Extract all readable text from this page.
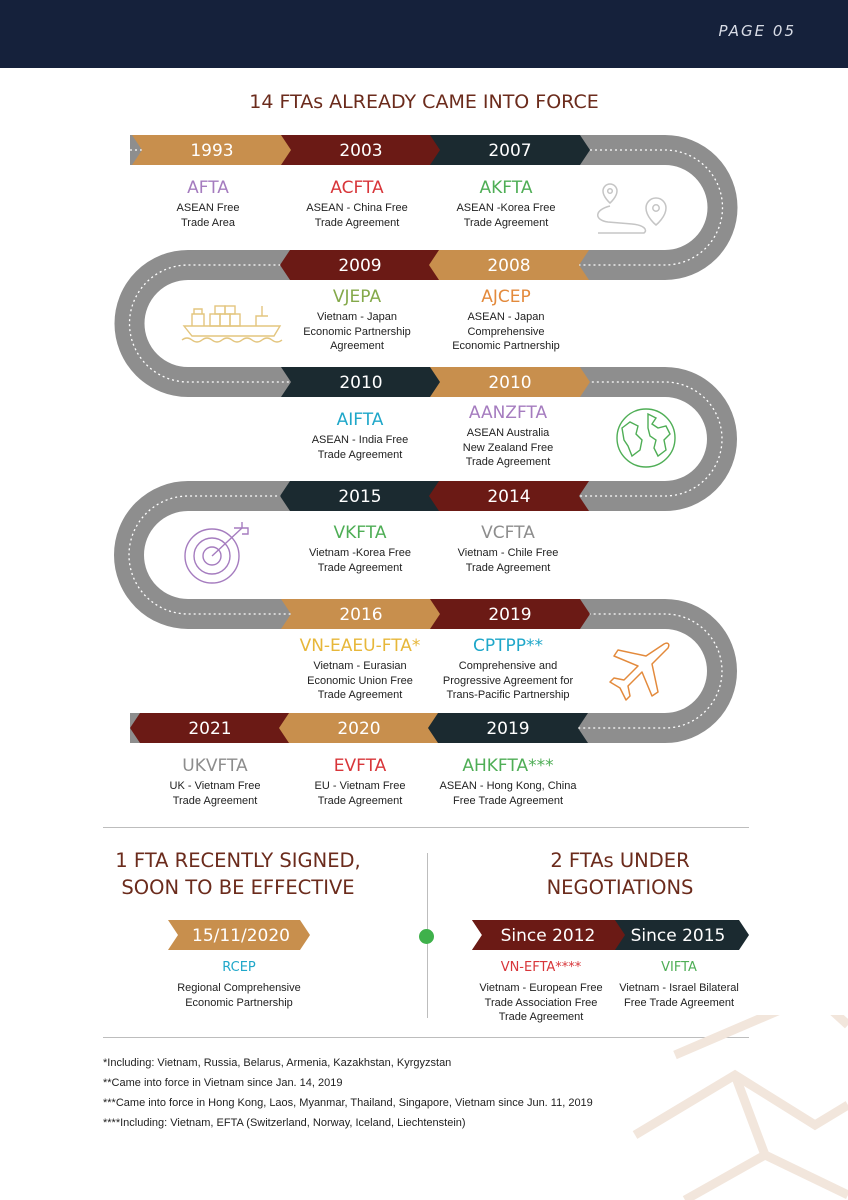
PAGE 05
14 FTAs ALREADY CAME INTO FORCE
1993	2003	2007
2009	2008
2010	2010
2015	2014
2016	2019
2021	2020	2019
AFTA
ASEAN Free
Trade Area
ACFTA
ASEAN - China Free
Trade Agreement
AKFTA
ASEAN -Korea Free
Trade Agreement
VJEPA
Vietnam - Japan
Economic Partnership
Agreement
AJCEP
ASEAN - Japan
Comprehensive
Economic Partnership
AIFTA
ASEAN - India Free
Trade Agreement
AANZFTA
ASEAN Australia
New Zealand Free
Trade Agreement
VKFTA
Vietnam -Korea Free
Trade Agreement
VCFTA
Vietnam - Chile Free
Trade Agreement
VN-EAEU-FTA*
Vietnam - Eurasian
Economic Union Free
Trade Agreement
CPTPP**
Comprehensive and
Progressive Agreement for
Trans-Pacific Partnership
UKVFTA
UK - Vietnam Free
Trade Agreement
EVFTA
EU - Vietnam Free
Trade Agreement
AHKFTA***
ASEAN - Hong Kong, China
Free Trade Agreement
1 FTA RECENTLY SIGNED,
SOON TO BE EFFECTIVE
2 FTAs UNDER
NEGOTIATIONS
15/11/2020
RCEP
Regional Comprehensive
Economic Partnership
Since 2012 Since 2015
VN-EFTA****
Vietnam - European Free
Trade Association Free
Trade Agreement
VIFTA
Vietnam - Israel Bilateral
Free Trade Agreement
*Including: Vietnam, Russia, Belarus, Armenia, Kazakhstan, Kyrgyzstan
**Came into force in Vietnam since Jan. 14, 2019
***Came into force in Hong Kong, Laos, Myanmar, Thailand, Singapore, Vietnam since Jun. 11, 2019
****Including: Vietnam, EFTA (Switzerland, Norway, Iceland, Liechtenstein)
